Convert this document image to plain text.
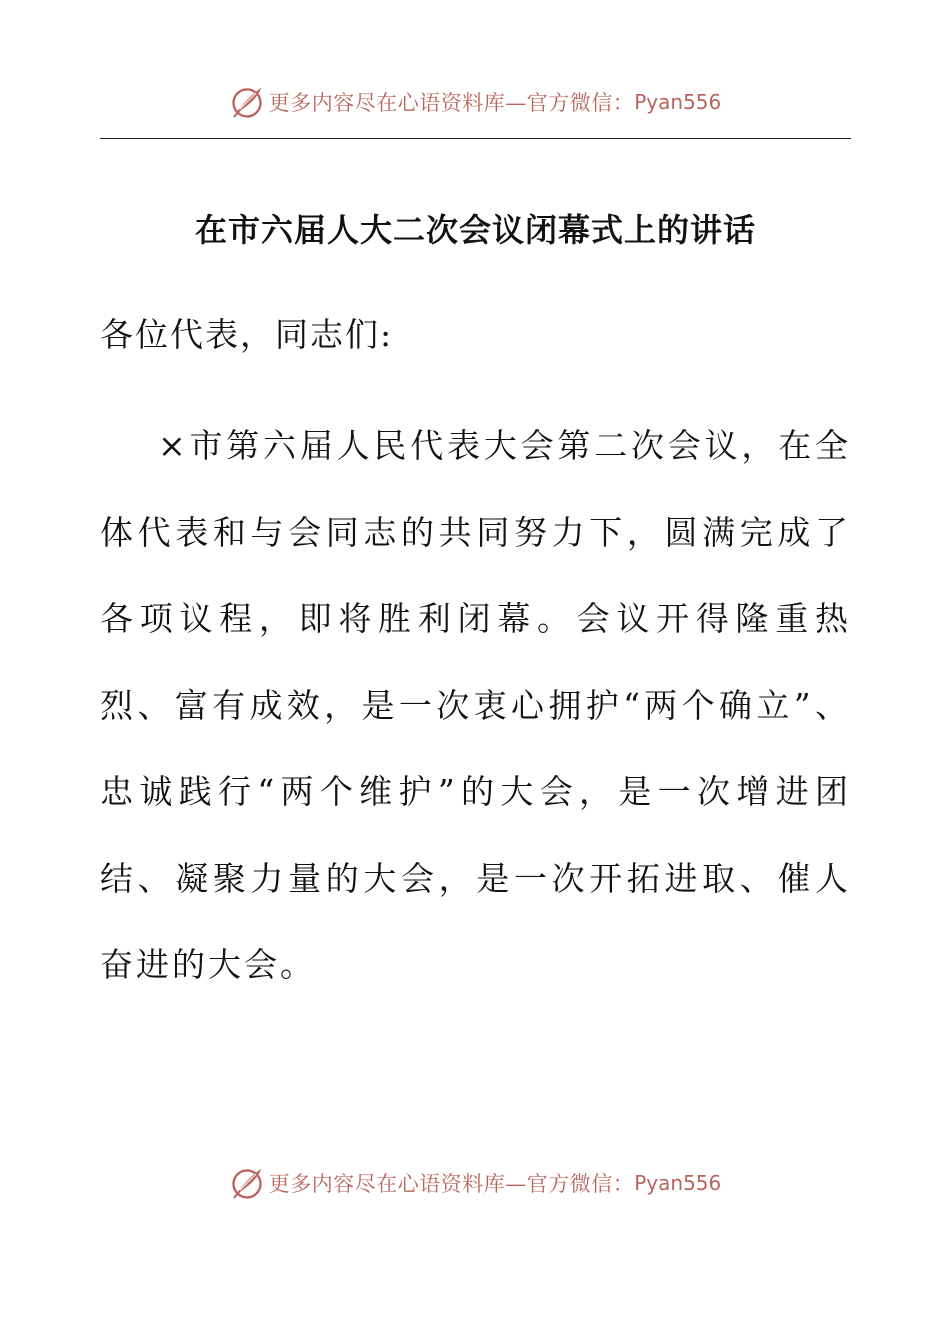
更多内容尽在心语资料库—官方微信： Pyan556
在市六届人大二次会议闭幕式上的讲话

各位代表，同志们:

×市第六届人民代表大会第二次会议，在全体代表和与会同志的共同努力下，圆满完成了各项议程，即将胜利闭幕。会议开得隆重热烈、富有成效，是一次衷心拥护“两个确立”、忠诚践行“两个维护”的大会，是一次增进团结、凝聚力量的大会，是一次开拓进取、催人奋进的大会。

更多内容尽在心语资料库—官方微信： Pyan556
